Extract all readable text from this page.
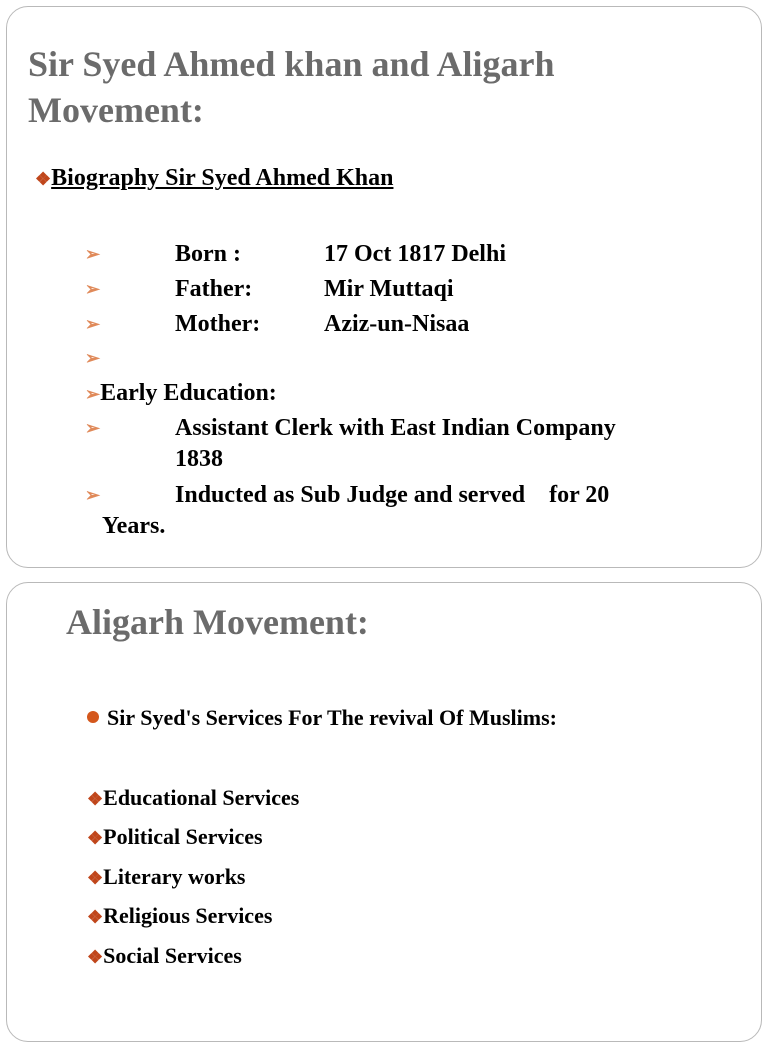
Sir Syed Ahmed khan and Aligarh Movement:
❖Biography Sir Syed Ahmed Khan
➢	Born :	17 Oct 1817 Delhi
➢	Father:	Mir Muttaqi
➢	Mother:	Aziz-un-Nisaa
➢
➢Early Education:
➢	Assistant Clerk with East Indian Company
1838
➢	Inducted as Sub Judge and served    for 20
Years.
Aligarh Movement:
Sir Syed's Services For The revival Of Muslims:
❖Educational Services
❖Political Services
❖Literary works
❖Religious Services
❖Social Services
